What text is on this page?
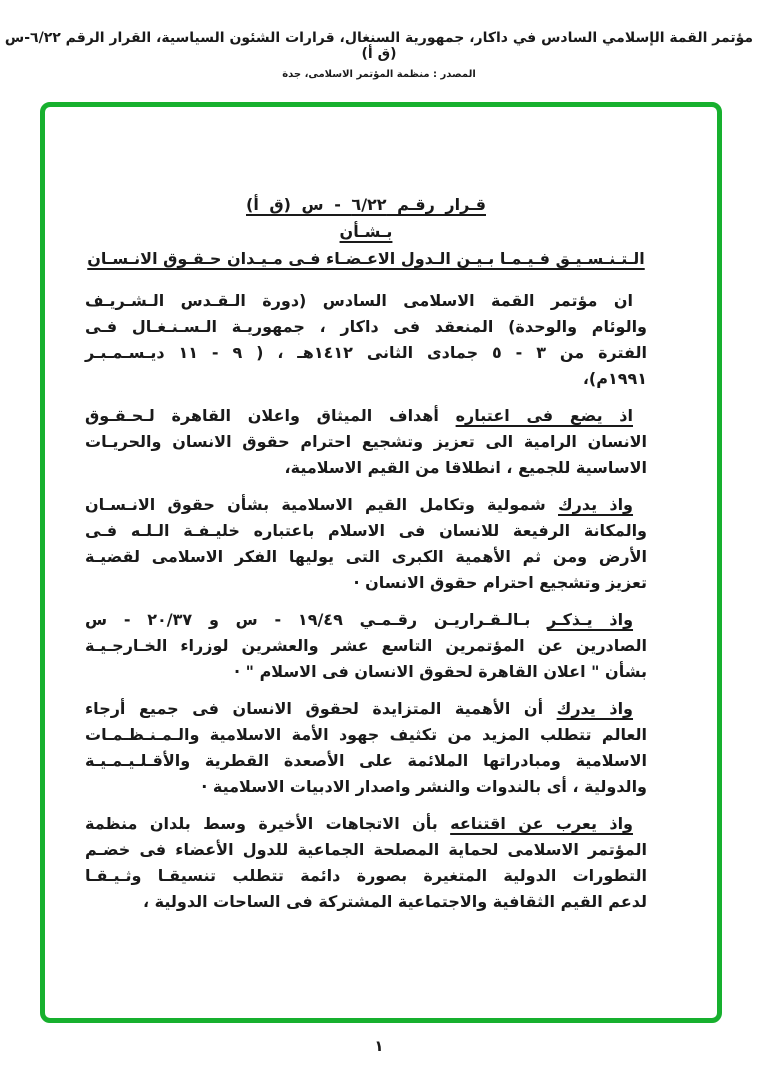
مؤتمر القمة الإسلامي السادس في داكار، جمهورية السنغال، قرارات الشئون السياسية، القرار الرقم ٦/٢٢-س (ق أ)
المصدر : منظمة المؤتمر الاسلامى، جدة
قـرار رقـم ٦/٢٢ - س (ق أ)
بـشـأن
الـتـنـسـيـق فـيـمـا بـيـن الـدول الاعـضـاء فـى مـيـدان حـقـوق الانـسـان
ان مؤتمر القمة الاسلامى السادس (دورة الـقـدس الـشـريـف
والوئام والوحدة) المنعقد فى داكار ، جمهوريـة الـسـنـغـال فـى
الفترة من ٣ - ٥ جمادى الثانى ١٤١٢هـ ، ( ٩ - ١١ ديـسـمـبـر
١٩٩١م)،
اذ يضع فى اعتباره أهداف الميثاق واعلان القاهرة لـحـقـوق
الانسان الرامية الى تعزيز وتشجيع احترام حقوق الانسان والحريـات
الاساسية للجميع ، انطلاقا من القيم الاسلامية،
واذ يدرك شمولية وتكامل القيم الاسلامية بشأن حقوق الانـسـان
والمكانة الرفيعة للانسان فى الاسلام باعتباره خليـفـة الـلـه فـى
الأرض ومن ثم الأهمية الكبرى التى يوليها الفكر الاسلامى لقضيـة
تعزيز وتشجيع احترام حقوق الانسان ·
واذ يـذكـر بـالـقـراريـن رقـمـي ١٩/٤٩ - س و ٢٠/٣٧ - س
الصادرين عن المؤتمرين التاسع عشر والعشرين لوزراء الخـارجـيـة
بشأن " اعلان القاهرة لحقوق الانسان فى الاسلام " ·
واذ يدرك أن الأهمية المتزايدة لحقوق الانسان فى جميع أرجاء
العالم تتطلب المزيد من تكثيف جهود الأمة الاسلامية والـمـنـظـمـات
الاسلامية ومبادراتها الملائمة على الأصعدة القطرية والأقـلـيـمـيـة
والدولية ، أى بالندوات والنشر واصدار الادبيات الاسلامية ·
واذ يعرب عن اقتناعه بأن الاتجاهات الأخيرة وسط بلدان منظمة
المؤتمر الاسلامى لحماية المصلحة الجماعية للدول الأعضاء فى خضـم
التطورات الدولية المتغيرة بصورة دائمة تتطلب تنسيقـا وثـيـقـا
لدعم القيم الثقافية والاجتماعية المشتركة فى الساحات الدولية ،
١
